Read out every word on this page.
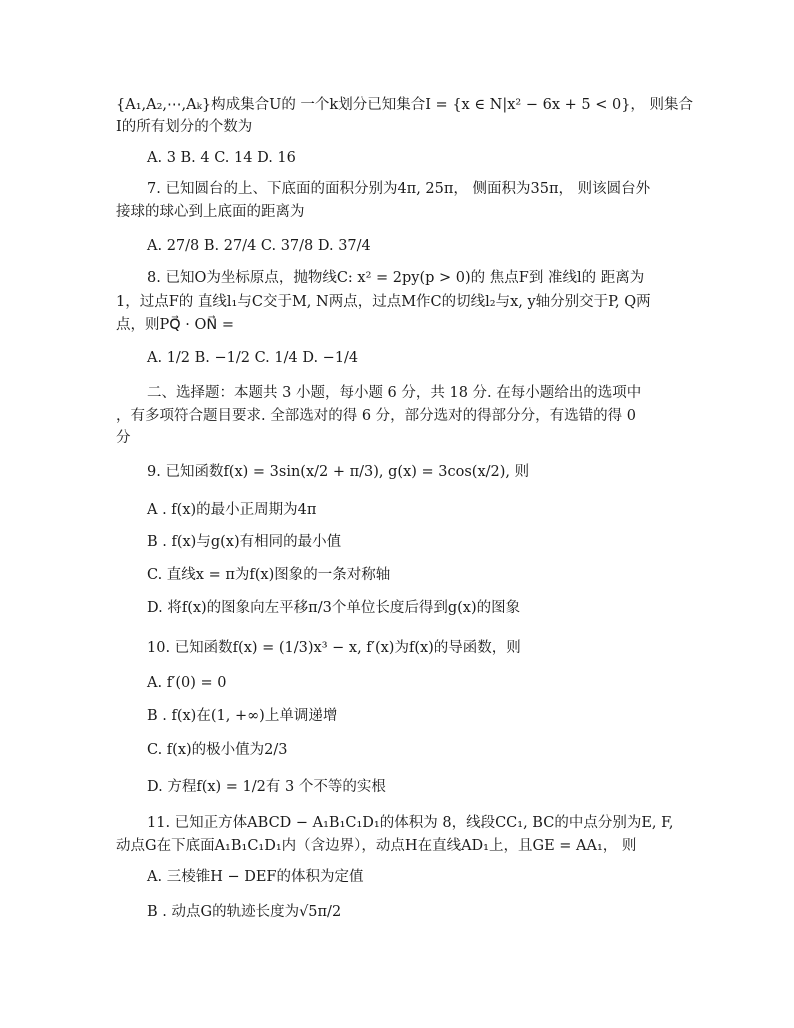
{A₁,A₂,⋯,Aₖ}构成集合U的 一个k划分已知集合I = {x ∈ N|x² − 6x + 5 < 0}， 则集合
I的所有划分的个数为
A. 3 B. 4 C. 14 D. 16
7. 已知圆台的上、下底面的面积分别为4π, 25π， 侧面积为35π， 则该圆台外
接球的球心到上底面的距离为
A. 27/8 B. 27/4 C. 37/8 D. 37/4
8. 已知O为坐标原点，抛物线C: x² = 2py(p > 0)的 焦点F到 准线l的 距离为
1，过点F的 直线l₁与C交于M, N两点，过点M作C的切线l₂与x, y轴分别交于P, Q两
点，则PQ⃗ · ON⃗ =
A. 1/2 B. −1/2 C. 1/4 D. −1/4
二、选择题：本题共 3 小题，每小题 6 分，共 18 分. 在每小题给出的选项中
，有多项符合题目要求. 全部选对的得 6 分，部分选对的得部分分，有选错的得 0
分
9. 已知函数f(x) = 3sin(x/2 + π/3), g(x) = 3cos(x/2), 则
A . f(x)的最小正周期为4π
B . f(x)与g(x)有相同的最小值
C. 直线x = π为f(x)图象的一条对称轴
D. 将f(x)的图象向左平移π/3个单位长度后得到g(x)的图象
10. 已知函数f(x) = (1/3)x³ − x, f′(x)为f(x)的导函数，则
A. f′(0) = 0
B . f(x)在(1, +∞)上单调递增
C. f(x)的极小值为2/3
D. 方程f(x) = 1/2有 3 个不等的实根
11. 已知正方体ABCD − A₁B₁C₁D₁的体积为 8，线段CC₁, BC的中点分别为E, F,
动点G在下底面A₁B₁C₁D₁内（含边界），动点H在直线AD₁上，且GE = AA₁， 则
A. 三棱锥H − DEF的体积为定值
B . 动点G的轨迹长度为√5π/2
